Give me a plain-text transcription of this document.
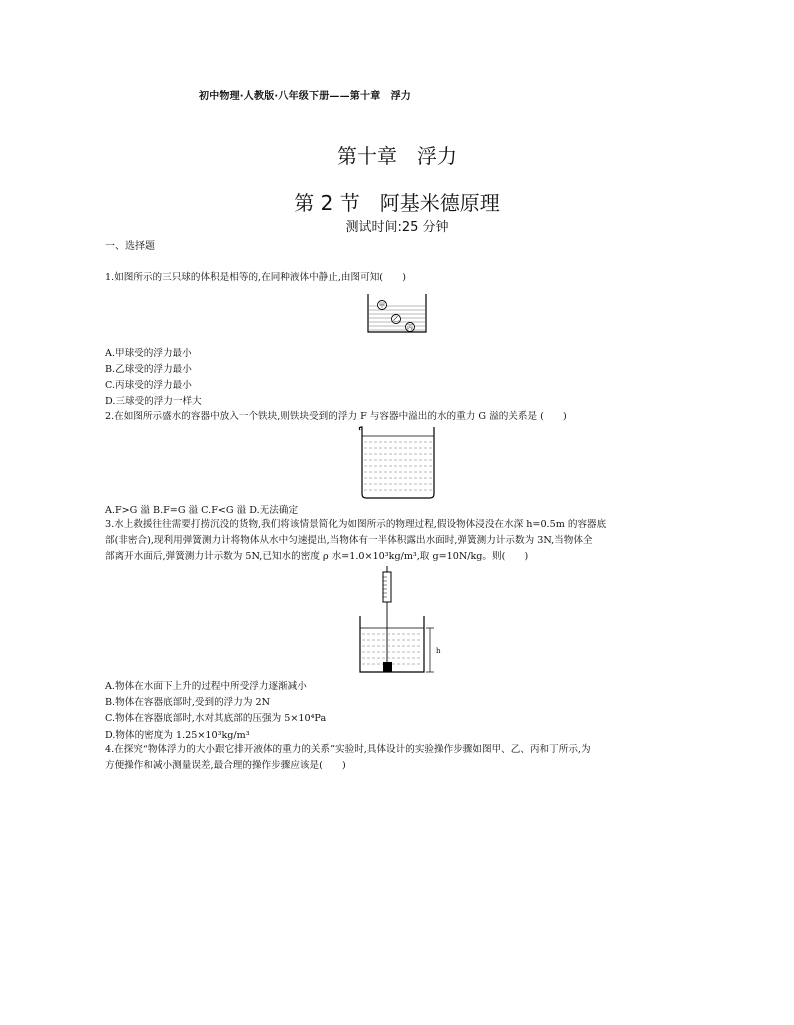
初中物理·人教版·八年级下册——第十章　浮力
第十章　浮力
第 2 节　阿基米德原理
测试时间:25 分钟
一、选择题
1.如图所示的三只球的体积是相等的,在同种液体中静止,由图可知(　　)
甲
乙
丙
A.甲球受的浮力最小
B.乙球受的浮力最小
C.丙球受的浮力最小
D.三球受的浮力一样大
2.在如图所示盛水的容器中放入一个铁块,则铁块受到的浮力 F 与容器中溢出的水的重力 G 溢的关系是 (　　)
A.F>G 溢 B.F=G 溢 C.F<G 溢 D.无法确定
3.水上救援往往需要打捞沉没的货物,我们将该情景简化为如图所示的物理过程,假设物体浸没在水深 h=0.5m 的容器底
部(非密合),现利用弹簧测力计将物体从水中匀速提出,当物体有一半体积露出水面时,弹簧测力计示数为 3N,当物体全
部离开水面后,弹簧测力计示数为 5N,已知水的密度 ρ 水=1.0×10³kg/m³,取 g=10N/kg。则(　　)
h
A.物体在水面下上升的过程中所受浮力逐渐减小
B.物体在容器底部时,受到的浮力为 2N
C.物体在容器底部时,水对其底部的压强为 5×10⁴Pa
D.物体的密度为 1.25×10³kg/m³
4.在探究“物体浮力的大小跟它排开液体的重力的关系”实验时,具体设计的实验操作步骤如图甲、乙、丙和丁所示,为
方便操作和减小测量误差,最合理的操作步骤应该是(　　)
